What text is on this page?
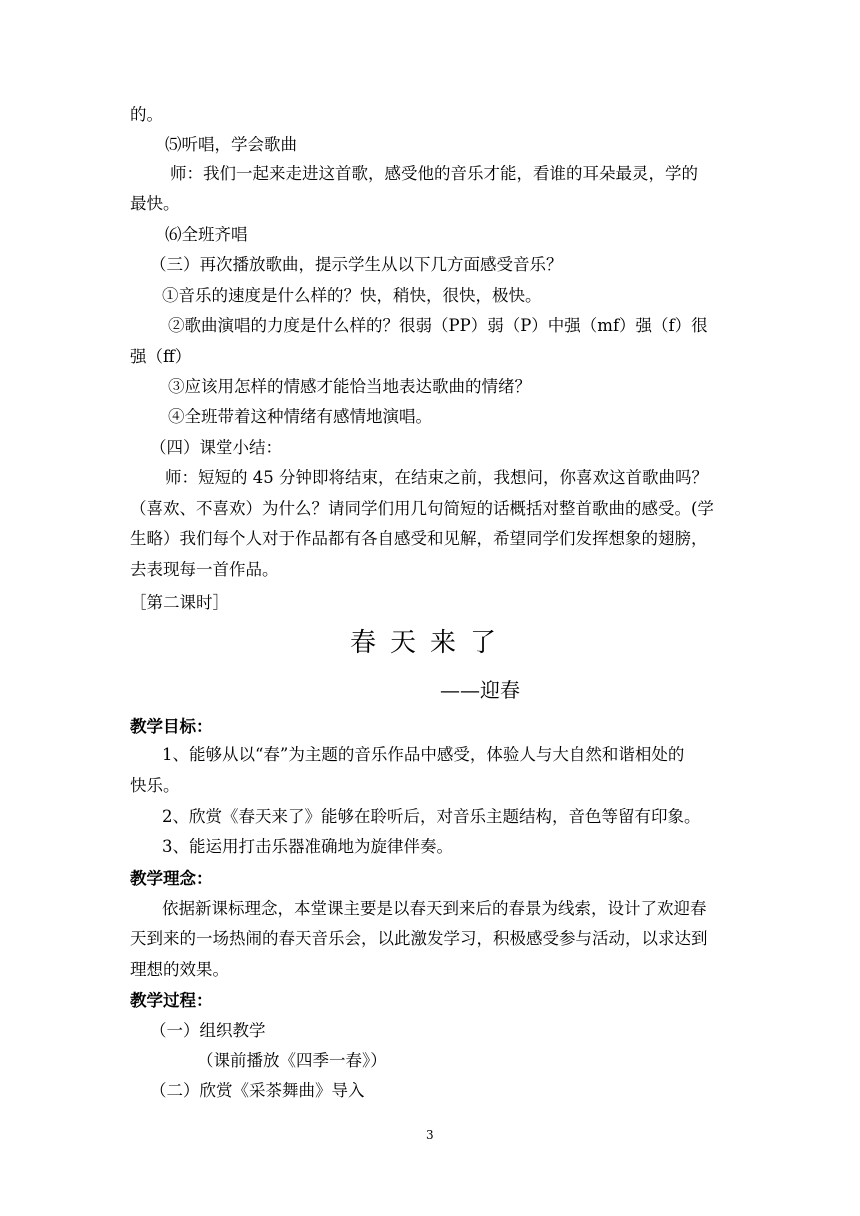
的。
⑸听唱，学会歌曲
师：我们一起来走进这首歌，感受他的音乐才能，看谁的耳朵最灵，学的
最快。
⑹全班齐唱
（三）再次播放歌曲，提示学生从以下几方面感受音乐？
①音乐的速度是什么样的？快，稍快，很快，极快。
②歌曲演唱的力度是什么样的？很弱（PP）弱（P）中强（mf）强（f）很
强（ff）
③应该用怎样的情感才能恰当地表达歌曲的情绪？
④全班带着这种情绪有感情地演唱。
（四）课堂小结：
师：短短的 45 分钟即将结束，在结束之前，我想问，你喜欢这首歌曲吗？
（喜欢、不喜欢）为什么？请同学们用几句简短的话概括对整首歌曲的感受。(学
生略）我们每个人对于作品都有各自感受和见解，希望同学们发挥想象的翅膀，
去表现每一首作品。
［第二课时］
春天来了
——迎春
教学目标：
1、能够从以“春”为主题的音乐作品中感受，体验人与大自然和谐相处的
快乐。
2、欣赏《春天来了》能够在聆听后，对音乐主题结构，音色等留有印象。
3、能运用打击乐器准确地为旋律伴奏。
教学理念：
依据新课标理念，本堂课主要是以春天到来后的春景为线索，设计了欢迎春
天到来的一场热闹的春天音乐会，以此激发学习，积极感受参与活动，以求达到
理想的效果。
教学过程：
（一）组织教学
（课前播放《四季一春》）
（二）欣赏《采茶舞曲》导入
3
